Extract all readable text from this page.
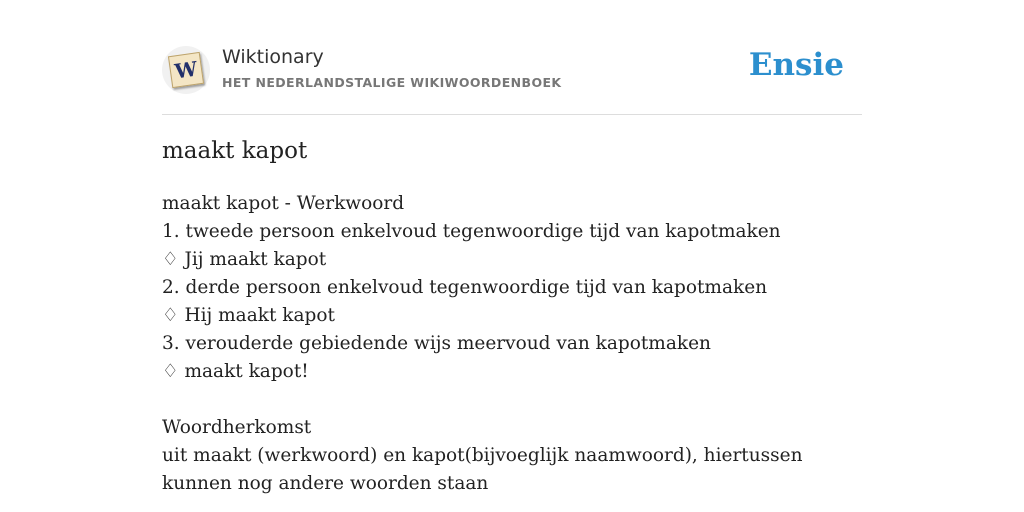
W Wiktionary

HET NEDERLANDSTALIGE WIKIWOORDENBOEK	Ensie
maakt kapot

maakt kapot - Werkwoord

1. tweede persoon enkelvoud tegenwoordige tijd van kapotmaken

♢ Jij maakt kapot

2. derde persoon enkelvoud tegenwoordige tijd van kapotmaken

♢ Hij maakt kapot

3. verouderde gebiedende wijs meervoud van kapotmaken

♢ maakt kapot!

Woordherkomst

uit maakt (werkwoord) en kapot(bijvoeglijk naamwoord), hiertussen kunnen nog andere woorden staan
